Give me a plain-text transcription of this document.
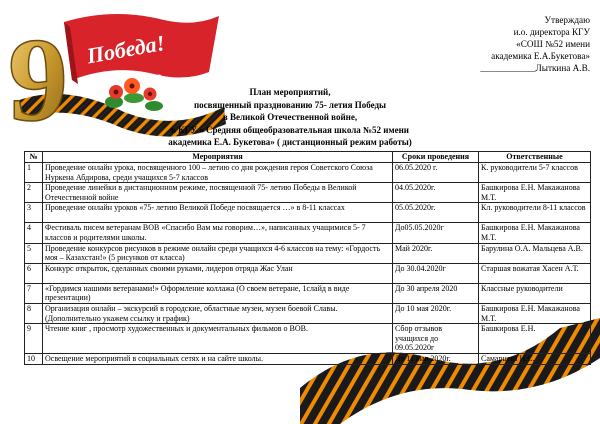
Победа!
9	Утверждаю
и.о. директора КГУ
«СОШ №52 имени
академика Е.А.Букетова»
____________Лыткина А.В.
План мероприятий,
посвященный празднованию 75- летия Победы
в Великой Отечественной войне,
в КГУ « Средняя общеобразовательная школа №52 имени
академика Е.А. Букетова» ( дистанционный режим работы)
№	Мероприятия	Сроки проведения	Ответственные
1	Проведение онлайн урока, посвященного 100 – летию со дня рождения героя Советского Союза Нуркена Абдирова, среди учащихся 5-7 классов	06.05.2020 г.	К. руководители 5-7 классов
2	Проведение линейки в дистанционном режиме, посвященной 75- летию Победы в Великой Отечественной войне	04.05.2020г.	Башкирова Е.Н. Макажанова М.Т.
3	Проведение онлайн уроков «75- летию Великой Победе посвящается …» в 8-11 классах	05.05.2020г.	Кл. руководители 8-11 классов
4	Фестиваль писем ветеранам ВОВ «Спасибо Вам мы говорим…», написанных учащимися 5- 7 классов и родителями школы.	До05.05.2020г	Башкирова Е.Н. Макажанова М.Т.
5	Проведение конкурсов рисунков в режиме онлайн среди учащихся 4-6 классов на тему: «Гордость моя – Казахстан!» (5 рисунков от класса)	Май 2020г.	Барулина О.А. Мальцева А.В.
6	Конкурс открыток, сделанных своими руками, лидеров отряда Жас Улан	До 30.04.2020г	Старшая вожатая Хасен А.Т.
7	«Гордимся нашими ветеранами!» Оформление коллажа (О своем ветеране, 1слайд в виде презентации)	До 30 апреля 2020	Классные руководители
8	Организация онлайн – экскурсий в городские, областные музеи, музеи боевой Славы. (Дополнительно укажем ссылку и график)	До 10 мая 2020г.	Башкирова Е.Н. Макажанова М.Т.
9	Чтение книг , просмотр художественных и документальных фильмов о ВОВ.	Сбор отзывов учащихся до 09.05.2020г	Башкирова Е.Н.
10	Освещение мероприятий в социальных сетях и на сайте школы.	До 11 мая 2020г.	Самарцева Н.С.
